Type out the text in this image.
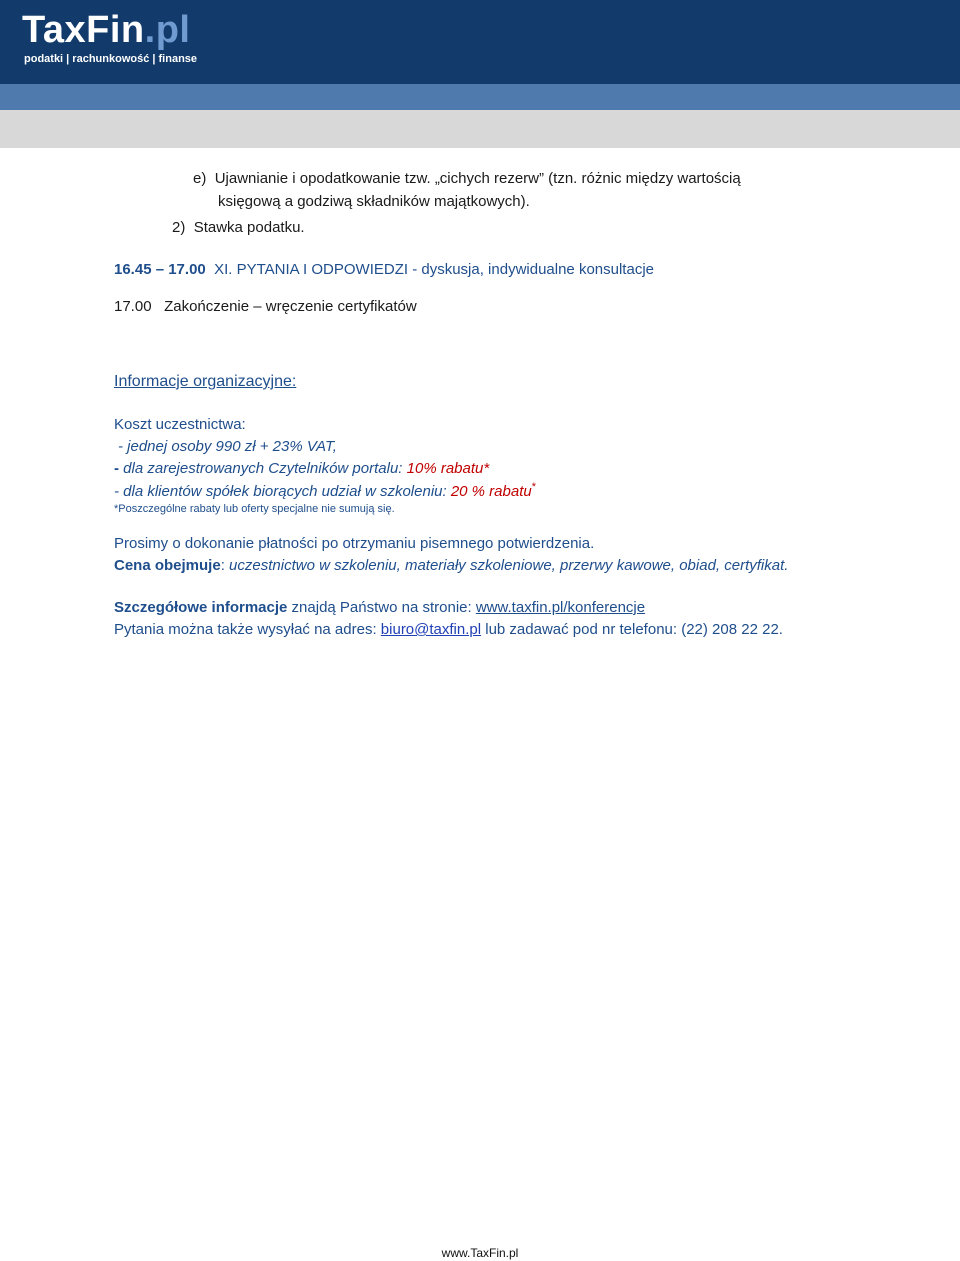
TaxFin.pl
podatki | rachunkowość | finanse
e) Ujawnianie i opodatkowanie tzw. „cichych rezerw” (tzn. różnic między wartością
księgową a godziwą składników majątkowych).
2) Stawka podatku.
16.45 – 17.00 XI. PYTANIA I ODPOWIEDZI - dyskusja, indywidualne konsultacje
17.00 Zakończenie – wręczenie certyfikatów
Informacje organizacyjne:
Koszt uczestnictwa:
- jednej osoby 990 zł + 23% VAT,
- dla zarejestrowanych Czytelników portalu: 10% rabatu*
- dla klientów spółek biorących udział w szkoleniu: 20 % rabatu*
*Poszczególne rabaty lub oferty specjalne nie sumują się.
Prosimy o dokonanie płatności po otrzymaniu pisemnego potwierdzenia.
Cena obejmuje: uczestnictwo w szkoleniu, materiały szkoleniowe, przerwy kawowe, obiad, certyfikat.
Szczegółowe informacje znajdą Państwo na stronie: www.taxfin.pl/konferencje
Pytania można także wysyłać na adres: biuro@taxfin.pl lub zadawać pod nr telefonu: (22) 208 22 22.
www.TaxFin.pl
